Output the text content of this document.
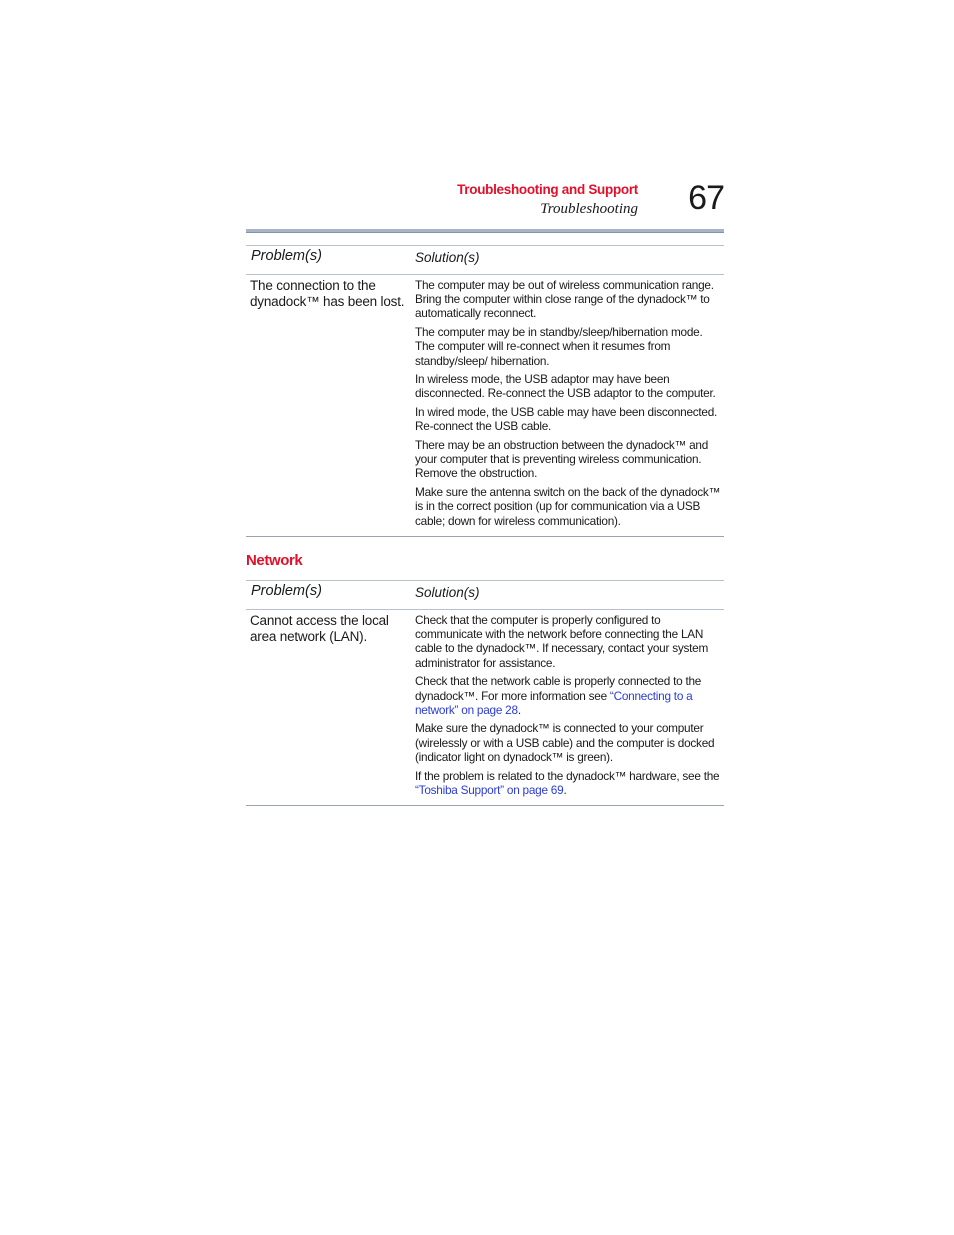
Troubleshooting and Support
Troubleshooting 67
Problem(s)	Solution(s)
The connection to the dynadock™ has been lost.

The computer may be out of wireless communication range. Bring the computer within close range of the dynadock™ to automatically reconnect.

The computer may be in standby/sleep/hibernation mode. The computer will re-connect when it resumes from standby/sleep/ hibernation.

In wireless mode, the USB adaptor may have been disconnected. Re-connect the USB adaptor to the computer.

In wired mode, the USB cable may have been disconnected. Re-connect the USB cable.

There may be an obstruction between the dynadock™ and your computer that is preventing wireless communication. Remove the obstruction.

Make sure the antenna switch on the back of the dynadock™ is in the correct position (up for communication via a USB cable; down for wireless communication).

Network
Problem(s)	Solution(s)
Cannot access the local area network (LAN).

Check that the computer is properly configured to communicate with the network before connecting the LAN cable to the dynadock™. If necessary, contact your system administrator for assistance.

Check that the network cable is properly connected to the dynadock™. For more information see “Connecting to a network” on page 28.

Make sure the dynadock™ is connected to your computer (wirelessly or with a USB cable) and the computer is docked (indicator light on dynadock™ is green).

If the problem is related to the dynadock™ hardware, see the “Toshiba Support” on page 69.
